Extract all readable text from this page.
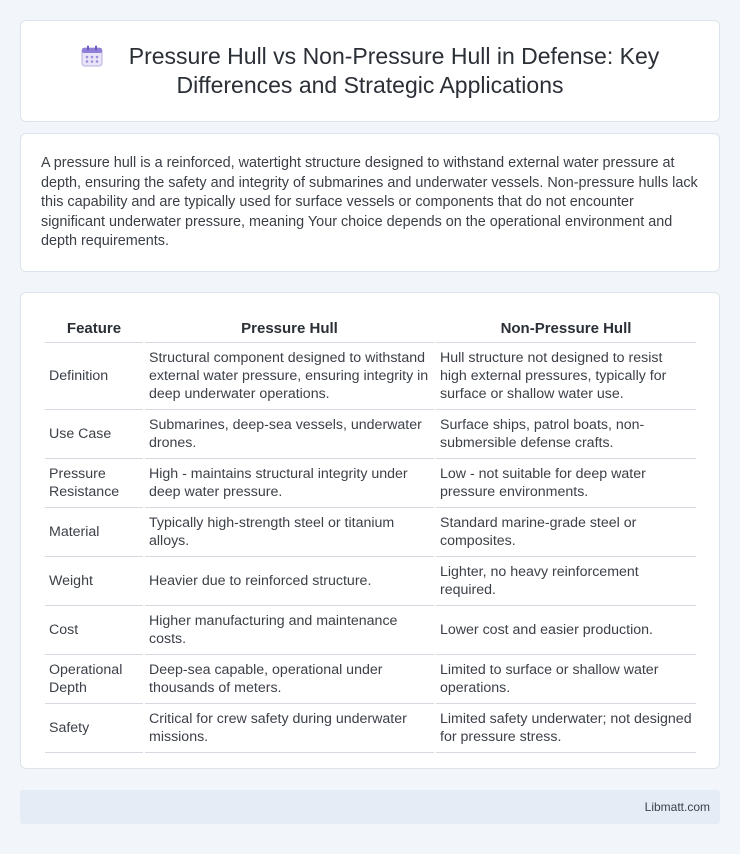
Pressure Hull vs Non-Pressure Hull in Defense: Key Differences and Strategic Applications

A pressure hull is a reinforced, watertight structure designed to withstand external water pressure at depth, ensuring the safety and integrity of submarines and underwater vessels. Non-pressure hulls lack this capability and are typically used for surface vessels or components that do not encounter significant underwater pressure, meaning Your choice depends on the operational environment and depth requirements.

Feature	Pressure Hull	Non-Pressure Hull
Definition	Structural component designed to withstand external water pressure, ensuring integrity in deep underwater operations.	Hull structure not designed to resist high external pressures, typically for surface or shallow water use.
Use Case	Submarines, deep-sea vessels, underwater drones.	Surface ships, patrol boats, non-submersible defense crafts.
Pressure Resistance	High - maintains structural integrity under deep water pressure.	Low - not suitable for deep water pressure environments.
Material	Typically high-strength steel or titanium alloys.	Standard marine-grade steel or composites.
Weight	Heavier due to reinforced structure.	Lighter, no heavy reinforcement required.
Cost	Higher manufacturing and maintenance costs.	Lower cost and easier production.
Operational Depth	Deep-sea capable, operational under thousands of meters.	Limited to surface or shallow water operations.
Safety	Critical for crew safety during underwater missions.	Limited safety underwater; not designed for pressure stress.
Libmatt.com
